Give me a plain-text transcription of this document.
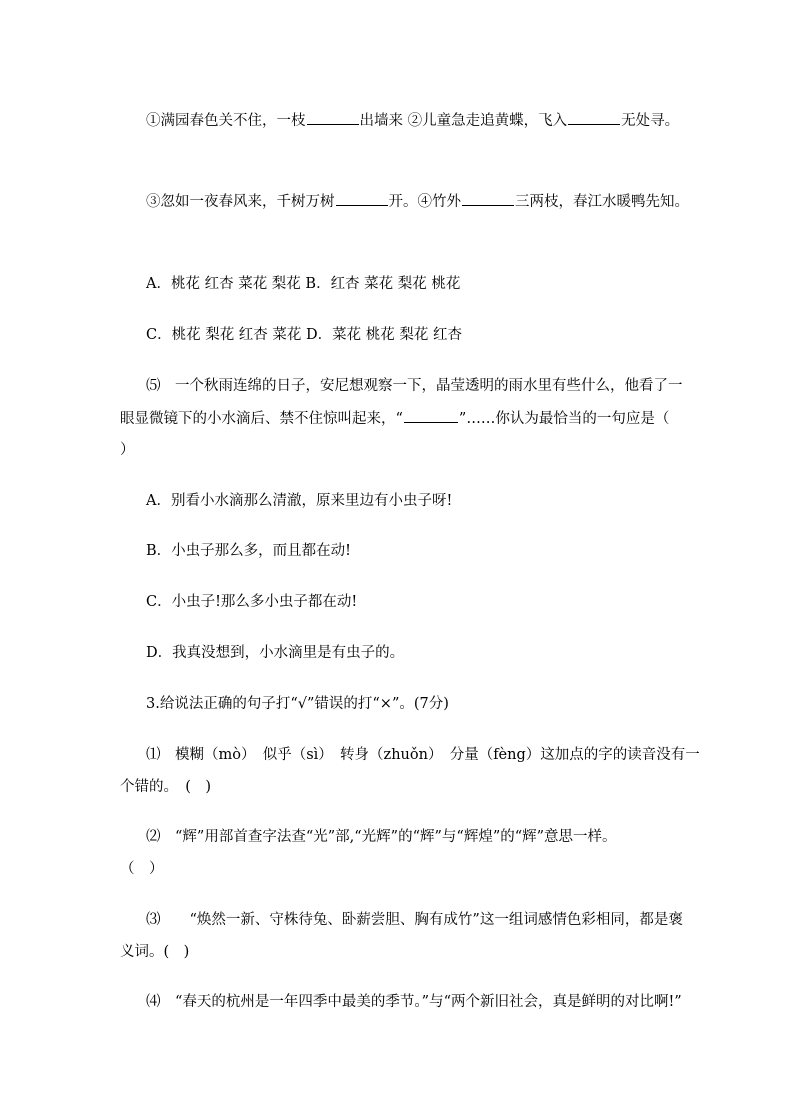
①满园春色关不住，一枝	出墙来 ②儿童急走追黄蝶，飞入	无处寻。
③忽如一夜春风来，千树万树	开。④竹外	三两枝，春江水暖鸭先知。
A．桃花 红杏 菜花 梨花 B．红杏 菜花 梨花 桃花
C．桃花 梨花 红杏 菜花 D．菜花 桃花 梨花 红杏
⑸　一个秋雨连绵的日子，安尼想观察一下，晶莹透明的雨水里有些什么，他看了一
眼显微镜下的小水滴后、禁不住惊叫起来，“	”……你认为最恰当的一句应是（
）
A．别看小水滴那么清澈，原来里边有小虫子呀!
B．小虫子那么多，而且都在动!
C．小虫子!那么多小虫子都在动!
D．我真没想到，小水滴里是有虫子的。
3.给说法正确的句子打“√”错误的打“×”。(7分)
⑴　模糊（mò）　似乎（sì）　转身（zhuǒn）　分量（fèng）这加点的字的读音没有一
个错的。　(　)
⑵　“辉”用部首查字法查“光”部,“光辉”的“辉”与“辉煌”的“辉”意思一样。
（　）
⑶　　“焕然一新、守株待兔、卧薪尝胆、胸有成竹”这一组词感情色彩相同，都是褒
义词。(　)
⑷　“春天的杭州是一年四季中最美的季节。”与“两个新旧社会，真是鲜明的对比啊!”
